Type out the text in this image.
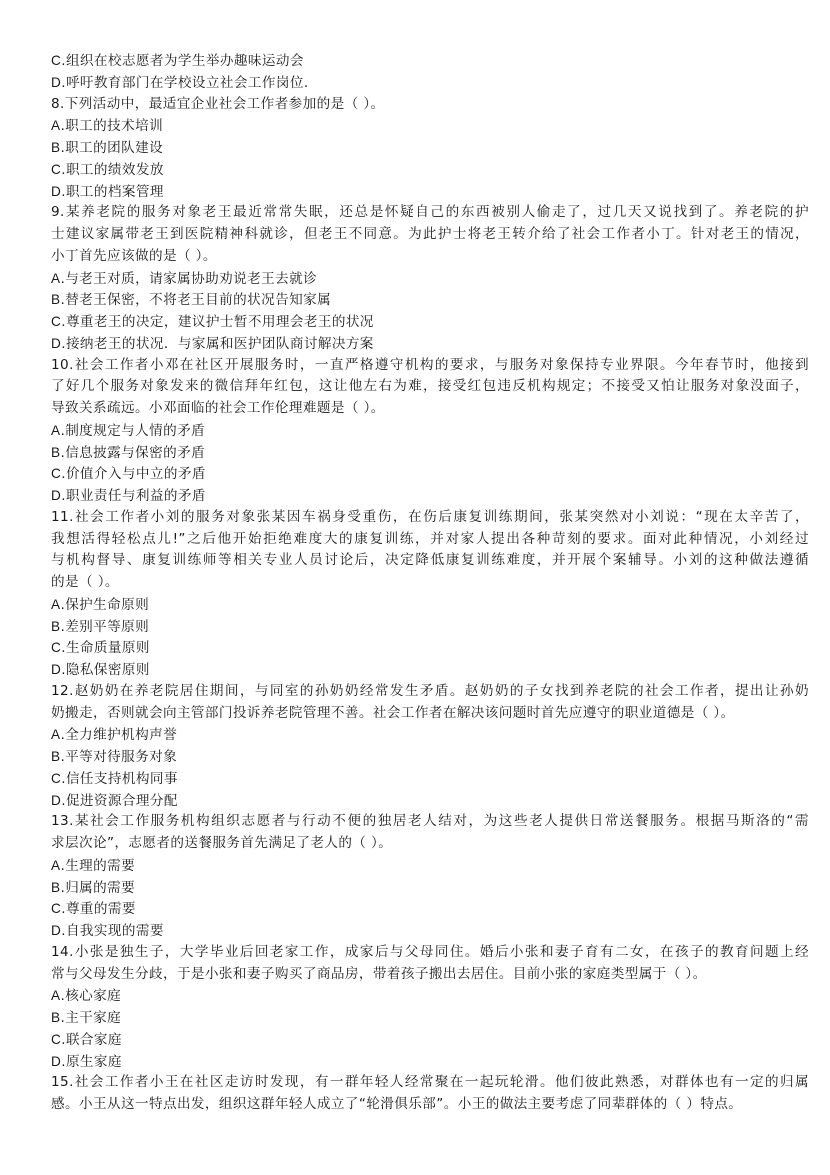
C.组织在校志愿者为学生举办趣味运动会
D.呼吁教育部门在学校设立社会工作岗位.
8.下列活动中，最适宜企业社会工作者参加的是（ ）。
A.职工的技术培训
B.职工的团队建设
C.职工的绩效发放
D.职工的档案管理
9.某养老院的服务对象老王最近常常失眠，还总是怀疑自己的东西被别人偷走了，过几天又说找到了。养老院的护
士建议家属带老王到医院精神科就诊，但老王不同意。为此护士将老王转介给了社会工作者小丁。针对老王的情况，
小丁首先应该做的是（ ）。
A.与老王对质，请家属协助劝说老王去就诊
B.替老王保密，不将老王目前的状况告知家属
C.尊重老王的决定，建议护士暂不用理会老王的状况
D.接纳老王的状况．与家属和医护团队商讨解决方案
10.社会工作者小邓在社区开展服务时，一直严格遵守机构的要求，与服务对象保持专业界限。今年春节时，他接到
了好几个服务对象发来的微信拜年红包，这让他左右为难，接受红包违反机构规定；不接受又怕让服务对象没面子，
导致关系疏远。小邓面临的社会工作伦理难题是（ ）。
A.制度规定与人情的矛盾
B.信息披露与保密的矛盾
C.价值介入与中立的矛盾
D.职业责任与利益的矛盾
11.社会工作者小刘的服务对象张某因车祸身受重伤，在伤后康复训练期间，张某突然对小刘说：“现在太辛苦了，
我想活得轻松点儿!”之后他开始拒绝难度大的康复训练，并对家人提出各种苛刻的要求。面对此种情况，小刘经过
与机构督导、康复训练师等相关专业人员讨论后，决定降低康复训练难度，并开展个案辅导。小刘的这种做法遵循
的是（ ）。
A.保护生命原则
B.差别平等原则
C.生命质量原则
D.隐私保密原则
12.赵奶奶在养老院居住期间，与同室的孙奶奶经常发生矛盾。赵奶奶的子女找到养老院的社会工作者，提出让孙奶
奶搬走，否则就会向主管部门投诉养老院管理不善。社会工作者在解决该问题时首先应遵守的职业道德是（ ）。
A.全力维护机构声誉
B.平等对待服务对象
C.信任支持机构同事
D.促进资源合理分配
13.某社会工作服务机构组织志愿者与行动不便的独居老人结对，为这些老人提供日常送餐服务。根据马斯洛的“需
求层次论”，志愿者的送餐服务首先满足了老人的（ ）。
A.生理的需要
B.归属的需要
C.尊重的需要
D.自我实现的需要
14.小张是独生子，大学毕业后回老家工作，成家后与父母同住。婚后小张和妻子育有二女，在孩子的教育问题上经
常与父母发生分歧，于是小张和妻子购买了商品房，带着孩子搬出去居住。目前小张的家庭类型属于（ ）。
A.核心家庭
B.主干家庭
C.联合家庭
D.原生家庭
15.社会工作者小王在社区走访时发现，有一群年轻人经常聚在一起玩轮滑。他们彼此熟悉，对群体也有一定的归属
感。小王从这一特点出发，组织这群年轻人成立了“轮滑俱乐部”。小王的做法主要考虑了同辈群体的（ ）特点。
